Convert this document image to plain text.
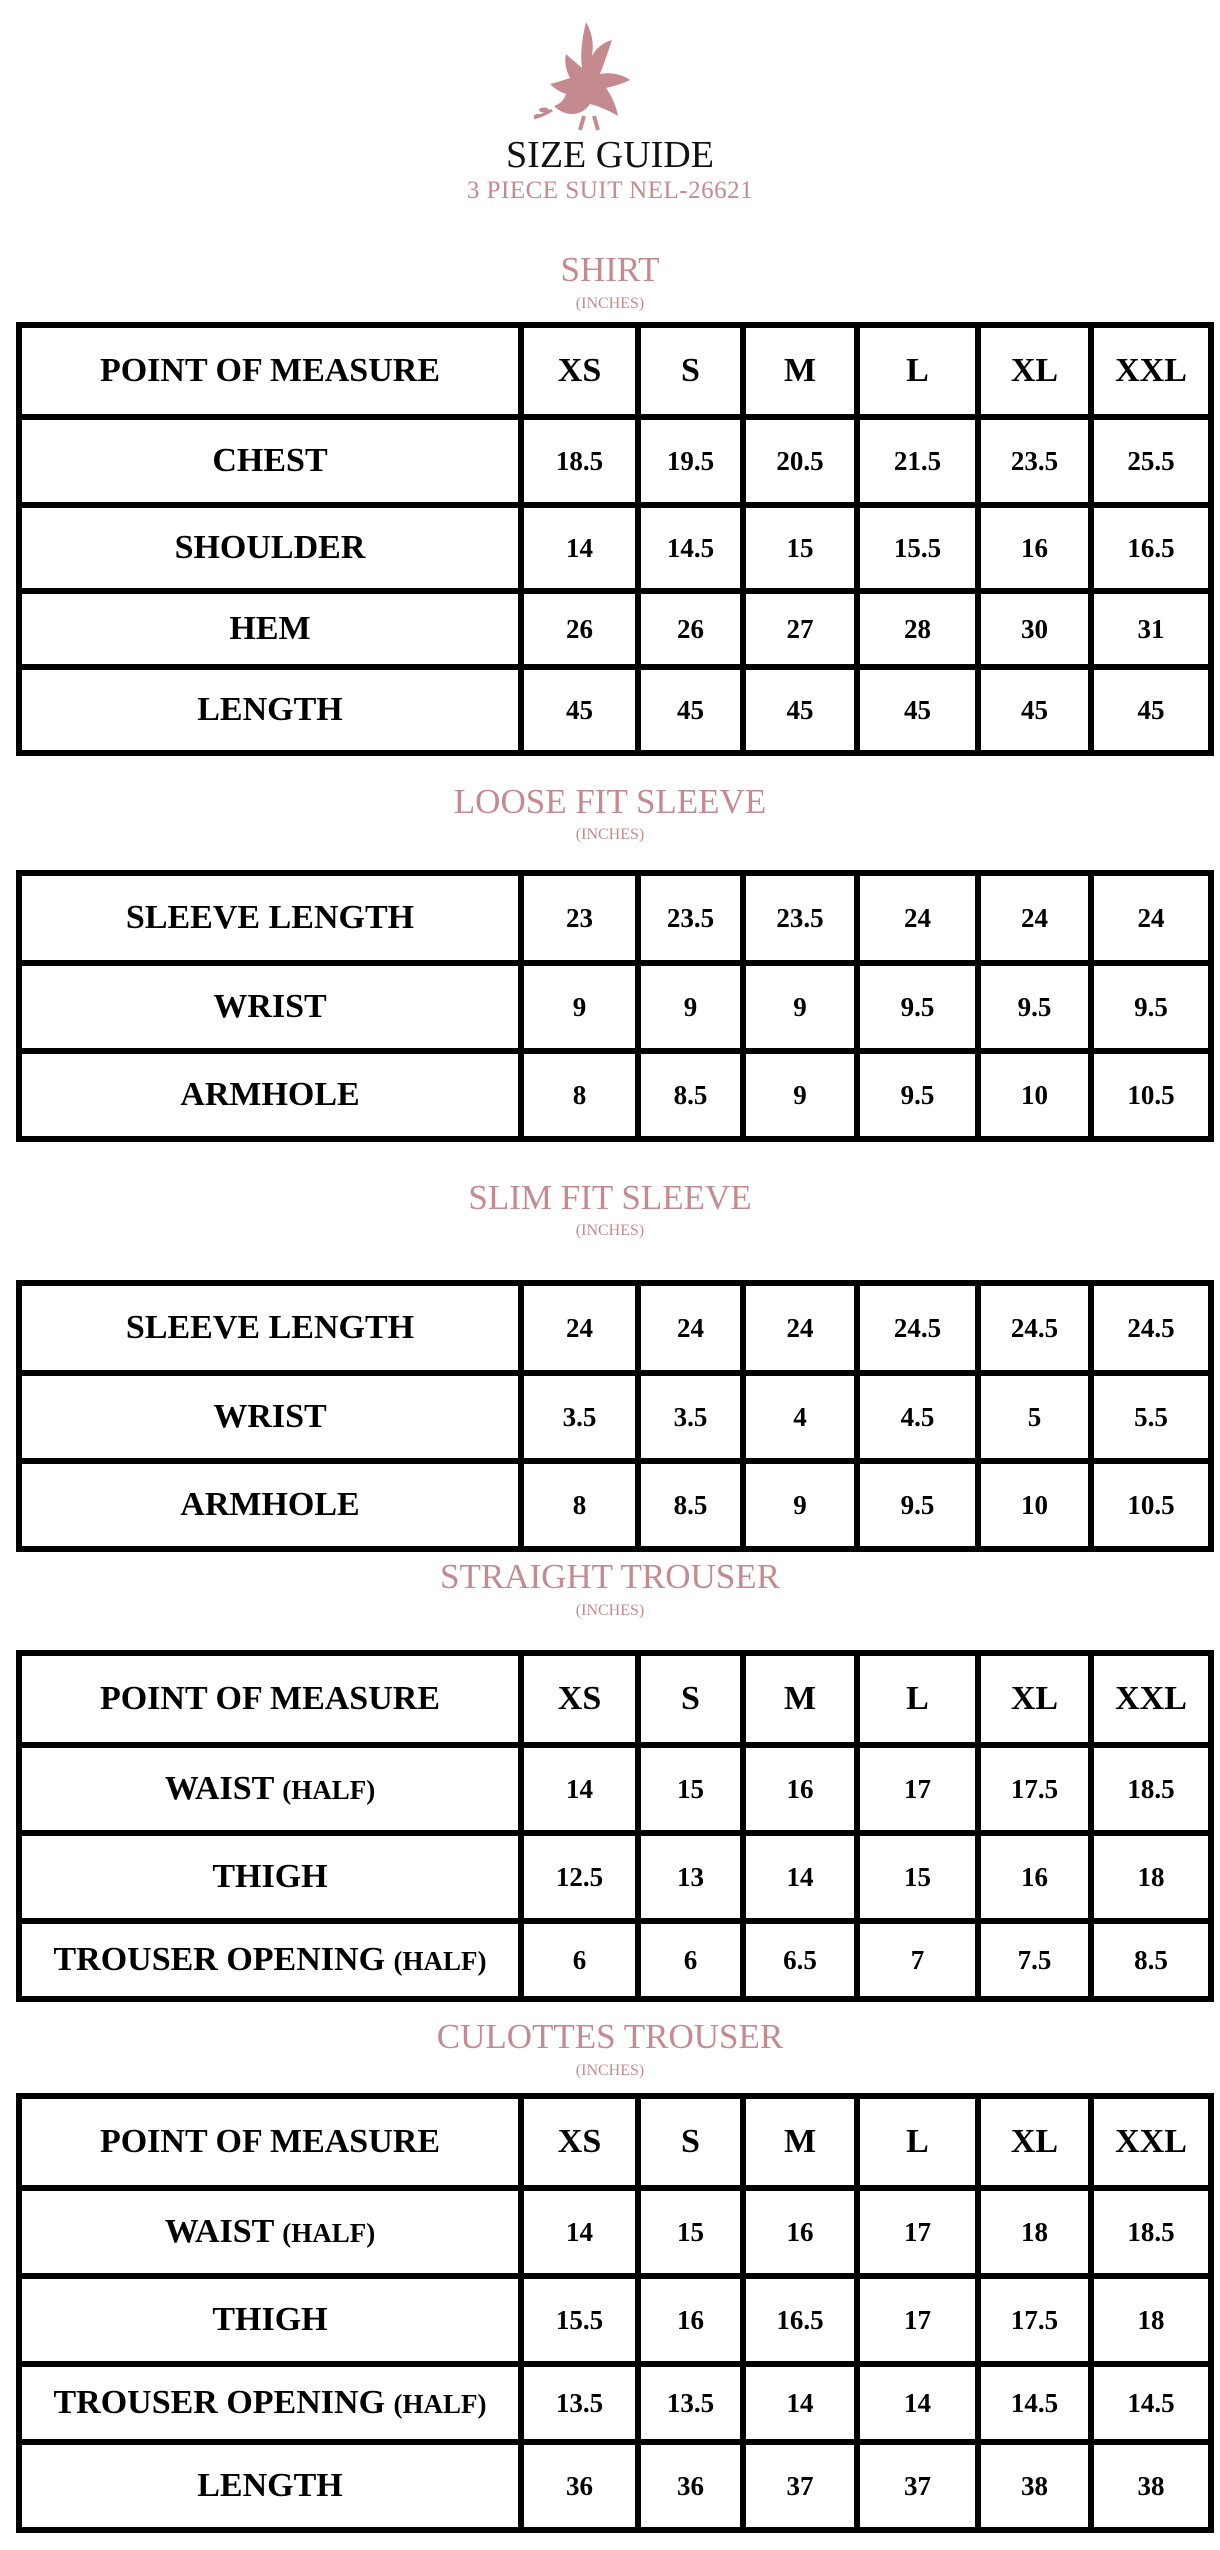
SIZE GUIDE
3 PIECE SUIT NEL-26621
SHIRT
(INCHES)
POINT OF MEASURE	XS	S	M	L	XL	XXL
CHEST	18.5	19.5	20.5	21.5	23.5	25.5
SHOULDER	14	14.5	15	15.5	16	16.5
HEM	26	26	27	28	30	31
LENGTH	45	45	45	45	45	45
LOOSE FIT SLEEVE
(INCHES)
SLEEVE LENGTH	23	23.5	23.5	24	24	24
WRIST	9	9	9	9.5	9.5	9.5
ARMHOLE	8	8.5	9	9.5	10	10.5
SLIM FIT SLEEVE
(INCHES)
SLEEVE LENGTH	24	24	24	24.5	24.5	24.5
WRIST	3.5	3.5	4	4.5	5	5.5
ARMHOLE	8	8.5	9	9.5	10	10.5
STRAIGHT TROUSER
(INCHES)
POINT OF MEASURE	XS	S	M	L	XL	XXL
WAIST (HALF)	14	15	16	17	17.5	18.5
THIGH	12.5	13	14	15	16	18
TROUSER OPENING (HALF)	6	6	6.5	7	7.5	8.5
CULOTTES TROUSER
(INCHES)
POINT OF MEASURE	XS	S	M	L	XL	XXL
WAIST (HALF)	14	15	16	17	18	18.5
THIGH	15.5	16	16.5	17	17.5	18
TROUSER OPENING (HALF)	13.5	13.5	14	14	14.5	14.5
LENGTH	36	36	37	37	38	38
